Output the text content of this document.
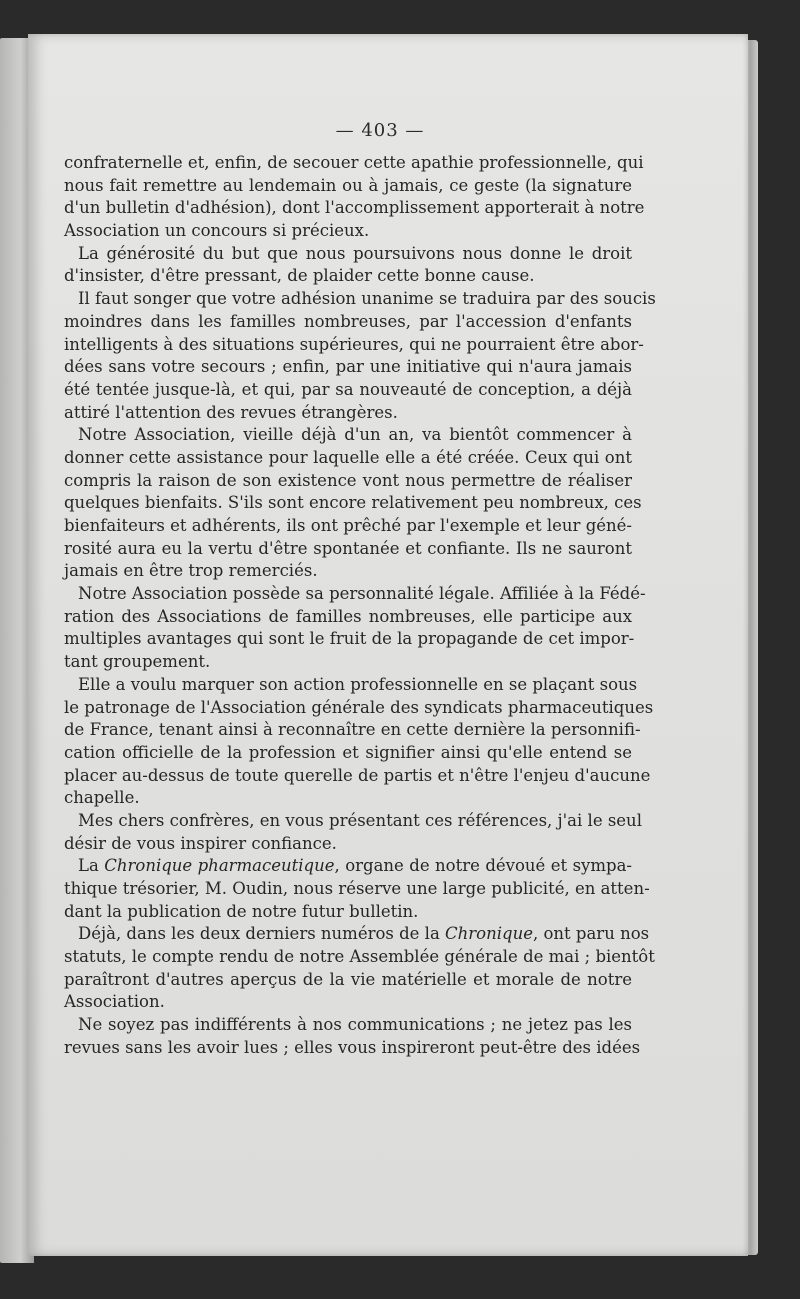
— 403 —
confraternelle et, enfin, de secouer cette apathie professionnelle, qui
nous fait remettre au lendemain ou à jamais, ce geste (la signature
d'un bulletin d'adhésion), dont l'accomplissement apporterait à notre
Association un concours si précieux.
La générosité du but que nous poursuivons nous donne le droit
d'insister, d'être pressant, de plaider cette bonne cause.
Il faut songer que votre adhésion unanime se traduira par des soucis
moindres dans les familles nombreuses, par l'accession d'enfants
intelligents à des situations supérieures, qui ne pourraient être abor-
dées sans votre secours ; enfin, par une initiative qui n'aura jamais
été tentée jusque-là, et qui, par sa nouveauté de conception, a déjà
attiré l'attention des revues étrangères.
Notre Association, vieille déjà d'un an, va bientôt commencer à
donner cette assistance pour laquelle elle a été créée. Ceux qui ont
compris la raison de son existence vont nous permettre de réaliser
quelques bienfaits. S'ils sont encore relativement peu nombreux, ces
bienfaiteurs et adhérents, ils ont prêché par l'exemple et leur géné-
rosité aura eu la vertu d'être spontanée et confiante. Ils ne sauront
jamais en être trop remerciés.
Notre Association possède sa personnalité légale. Affiliée à la Fédé-
ration des Associations de familles nombreuses, elle participe aux
multiples avantages qui sont le fruit de la propagande de cet impor-
tant groupement.
Elle a voulu marquer son action professionnelle en se plaçant sous
le patronage de l'Association générale des syndicats pharmaceutiques
de France, tenant ainsi à reconnaître en cette dernière la personnifi-
cation officielle de la profession et signifier ainsi qu'elle entend se
placer au-dessus de toute querelle de partis et n'être l'enjeu d'aucune
chapelle.
Mes chers confrères, en vous présentant ces références, j'ai le seul
désir de vous inspirer confiance.
La Chronique pharmaceutique, organe de notre dévoué et sympa-
thique trésorier, M. Oudin, nous réserve une large publicité, en atten-
dant la publication de notre futur bulletin.
Déjà, dans les deux derniers numéros de la Chronique, ont paru nos
statuts, le compte rendu de notre Assemblée générale de mai ; bientôt
paraîtront d'autres aperçus de la vie matérielle et morale de notre
Association.
Ne soyez pas indifférents à nos communications ; ne jetez pas les
revues sans les avoir lues ; elles vous inspireront peut-être des idées
